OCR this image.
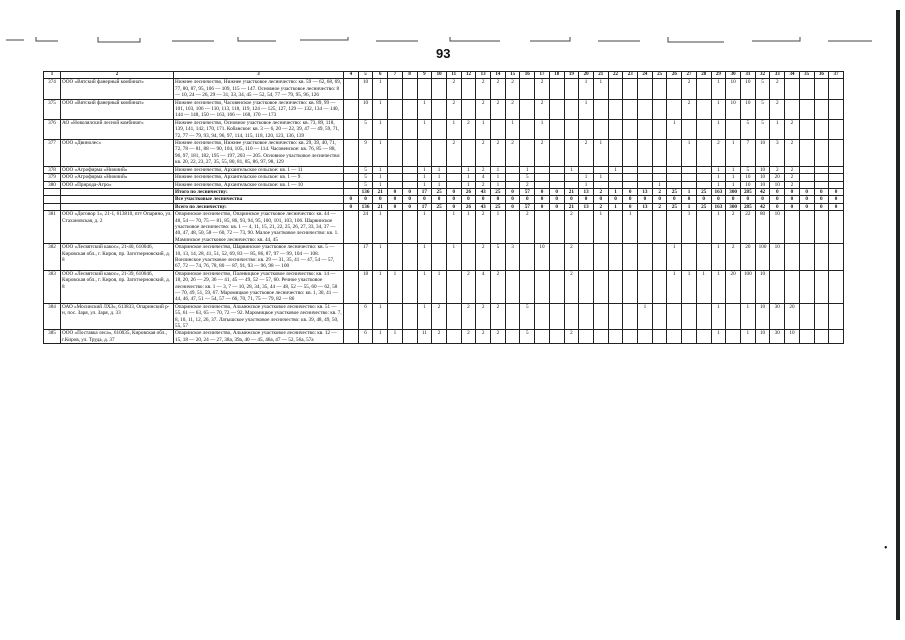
93
1	2	3	4	5	6	7	8	9	10	11	12	13	14	15	16	17	18	19	20	21	22	23	24	25	26	27	28	29	30	31	32	33	34	35	36	37	
374	ООО «Вятский фанерный комбинат»	Нижнее лесничество, Нижнее участковое лесничество: кв. 59 — 62, 68, 69, 77, 80, 87, 95, 106 — 109, 115 — 147. Основное участковое лесничество: 8 — 10, 24 — 26, 29 — 31, 33, 34, 45 — 52, 54, 77 — 79, 95, 96, 126		10	1					2		2	2	2		2			1	1						2		1	10	10	5	2					
375	ООО «Вятский фанерный комбинат»	Нижнее лесничество, Часовенское участковое лесничество: кв. 89, 99 — 101, 103, 106 — 110, 113, 118, 119, 124 — 125, 127, 129 — 132, 134 — 140, 144 — 148, 150 — 163, 166 — 168, 170 — 173		10	1			1		2		2	2	2		2			1							2		1	10	10	5	2					
376	АО «Новолялский лесной комбинат»	Нижнее лесничество, Основное участковое лесничество: кв. 73, 89, 118, 139, 141, 142, 170, 171. Кобанское: кв. 3 — 6, 20 — 22, 39, 47 — 49, 59, 71, 72, 77 — 79, 93, 94, 96, 97, 114, 115, 118, 120, 123, 136, 139		5	1			1		1	2	1		1		1									1			1		5	5	1	2				
377	ООО «Двинолес»	Нижнее лесничество, Нижнее участковое лесничество: кв. 29, 39, 40, 71, 72, 78 — 81, 88 — 90, 104, 105, 110 — 114. Часовенское: кв. 76, 85 — 88, 96, 97, 181, 182, 195 — 197, 203 — 205. Основное участковое лесничество: кв. 20, 22, 23, 27, 35, 55, 80, 81, 85, 86, 97, 98, 129		9	1					2		2	2	2		2			2	1						1		2	1	7	10	3	2				
378	ООО «Агрофирма «Нижний»	Нижнее лесничество, Архангельское сельское: кв. 1 — 11		5	1			1	1		1	2	1		1			1			1							1	1	5	10	2	2				
379	ООО «Агрофирма «Нижний»	Нижнее лесничество, Архангельское сельское: кв. 1 — 9		5	1			1	1		1	4	1		5				1	1								1	1	10	10	20	2				
380	ООО «Природа-Агро»	Нижнее лесничество, Архангельское сельское: кв. 1 — 10		5	1			1	1		1	2	1		2				1					1				1	1	10	10	10	2				
		Итого по лесничеству:		136	21	0	0	17	25	0	26	43	25	0	57	0	0	21	13	2	1	0	13	2	25	1	25	163	300	285	42	0	0	0	0	0	
		Все участковые лесничества	0	0	0	0	0	0	0	0	0	0	0	0	0	0	0	0	0	0	0	0	0	0	0	0	0	0	0	0	0	0	0	0	0	0	
		Всего по лесничеству:	0	136	21	0	0	17	25	0	26	43	25	0	57	0	0	21	13	2	1	0	13	2	25	1	25	163	300	285	42	0	0	0	0	0	
381	ООО «Договор 1», 21-1, 613810, пгт Опарино, ул. Стахановская, д. 2	Опаринское лесничество, Опаринское участковое лесничество: кв. 44 — 48, 54 — 70, 75 — 81, 85, 86, 93, 94, 95, 100, 101, 103, 106. Шарвинское участковое лесничество: кв. 1 — 4, 11, 15, 21, 22, 25, 26, 27, 33, 34, 37 — 40, 47, 48, 50, 58 — 60, 72 — 73, 90. Малое участковое лесничество: кв. 1. Маминское участковое лесничество: кв. 44, 45		24	1			1		1	1	2	1		2			2		1		1				1		1	2	22	80	10					
382	ООО «Лесвятский какос», 21-40, 610046, Кировская обл., г. Киров, пр. Заготзерновский, д. 8	Опаринское лесничество, Шарвинское участковое лесничество: кв. 5 — 10, 13, 14, 28, 41, 51, 52, 69, 83 — 85, 86, 87, 97 — 99, 104 — 108. Вонзинское участковое лесничество: кв. 29 — 31, 35, 41 — 47, 54 — 57, 67, 72 — 74, 76, 78, 80 — 87, 91, 93 — 96, 98 — 100		17	1			1		1		2	5	3		10		2							1			1	2	20	100	10					
383	ООО «Лесвятский какос», 21-39, 610046, Кировская обл., г. Киров, пр. Заготзерновский, д. 8	Опаринское лесничество, Палевицкое участковое лесничество: кв. 14 — 18, 20, 26 — 29, 36 — 41, 45 — 49, 52 — 57, 60. Речное участковое лесничество: кв. 1 — 3, 7 — 10, 28, 34, 35, 44 — 48, 52 — 55, 60 — 62, 58 — 70, 49, 51, 59, 67. Маромицкое участковое лесничество: кв. 1, 30, 41 — 44, 46, 47, 51 — 54, 57 — 66, 70, 71, 75 — 79, 82 — 86		18	1	1		1	1		2	4	2					2							1	1	1	1	20	100	10						
384	ОАО «Мосинский ЛХЗ», 613833, Опаринский р-н, пос. Заря, ул. Заря, д. 33	Опаринское лесничество, Альмежское участковое лесничество: кв. 51 — 55, 61 — 63, 65 — 70, 72 — 92. Маромицкое участковое лесничество: кв. 7, 8, 10, 11, 12, 26, 37. Латышское участковое лесничество: кв. 39, 48, 49, 50, 55, 57		6	1			1	2		2	2	2		5								1					1		1	10	30	20				
385	ООО «Поставка леса», 610035, Кировская обл., г.Киров, ул. Труда, д. 37	Опаринское лесничество, Альмежское участковое лесничество: кв. 12 — 15, 18 — 20, 24 — 27, 38а, 39а, 40 — 45, 46а, 47 — 52, 56а, 57а		6	1	1		11	2		2	2	2		5			2										1		1	10	30	10				
•
